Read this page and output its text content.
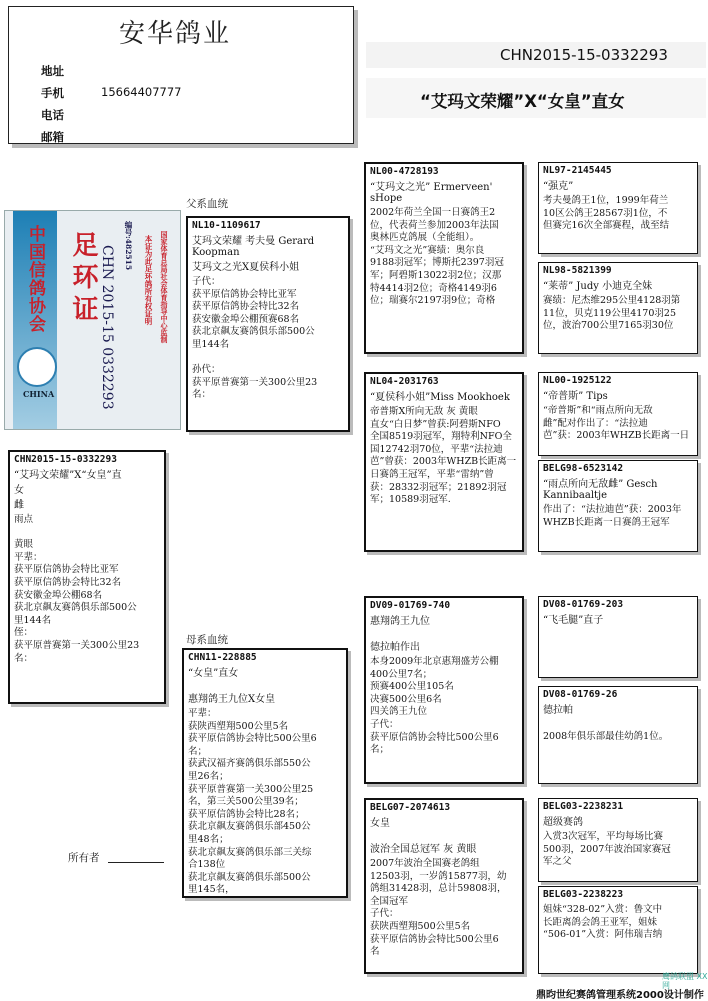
安华鸽业
地址
手机	15664407777
电话
邮箱
CHN2015-15-0332293
“艾玛文荣耀”X“女皇”直女
父系血统
母系血统
中国信鸽协会
CHINA
足环证 CHN 2015-15 0332293 编号:482515 本证为此足环鸽所有权证明 国家体育总局社会体育指导中心监制
CHN2015-15-0332293
“艾玛文荣耀”X“女皇”直
女
雌
雨点

黄眼
平辈：
获平原信鸽协会特比亚军
获平原信鸽协会特比32名
获安徽金埠公棚68名
获北京飙友赛鸽俱乐部500公
里144名
侄：
获平原普赛第一关300公里23
名：
NL10-1109617
艾玛文荣耀 考夫曼 Gerard
Koopman
艾玛文之光X夏侯科小姐
子代：
获平原信鸽协会特比亚军
获平原信鸽协会特比32名
获安徽金埠公棚预赛68名
获北京飙友赛鸽俱乐部500公
里144名

孙代：
获平原普赛第一关300公里23
名：
CHN11-228885
“女皇”直女

惠翔鸽王九位X女皇
平辈：
获陕西塑翔500公里5名
获平原信鸽协会特比500公里6
名；
获武汉福齐赛鸽俱乐部550公
里26名；
获平原普赛第一关300公里25
名，第三关500公里39名；
获平原信鸽协会特比28名；
获北京飙友赛鸽俱乐部450公
里48名；
获北京飙友赛鸽俱乐部三关综
合138位
获北京飙友赛鸽俱乐部500公
里145名，
NL00-4728193
“艾玛文之光” Ermerveen'
sHope
2002年荷兰全国一日赛鸽王2
位，代表荷兰参加2003年法国
奥林匹克鸽展（全能组）。
“艾玛文之光”赛绩：奥尔良
9188羽冠军；博斯托2397羽冠
军；阿碧斯13022羽2位；汉那
特4414羽2位；奇格4149羽6
位；瑞赛尔2197羽9位；奇格
NL04-2031763
“夏侯科小姐”Miss Mookhoek
帝普斯X所向无敌 灰 黄眼
直女“白日梦”曾获:阿碧斯NFO
全国8519羽冠军，翔特利NFO全
国12742羽70位，平辈“法拉迪
芭”曾获：2003年WHZB长距离一
日赛鸽王冠军，平辈“雷纳”曾
获：28332羽冠军；21892羽冠
军；10589羽冠军.
DV09-01769-740
惠翔鸽王九位

德拉帕作出
本身2009年北京惠翔盛芳公棚
400公里7名；
预赛400公里105名
决赛500公里6名
四关鸽王九位
子代：
获平原信鸽协会特比500公里6
名；
BELG07-2074613
女皇

波治全国总冠军 灰 黄眼
2007年波治全国赛老鸽组
12503羽，一岁鸽15877羽，幼
鸽组31428羽，总计59808羽，
全国冠军
子代：
获陕西塑翔500公里5名
获平原信鸽协会特比500公里6
名
NL97-2145445
“强克”
考夫曼鸽王1位，1999年荷兰
10区公鸽王28567羽1位，不
但赛完16次全部赛程，战至结
NL98-5821399
“莱蒂” Judy 小迪克全妹
赛绩：尼杰维295公里4128羽第
11位，贝克119公里4170羽25
位，波治700公里7165羽30位

NL00-1925122
“帝普斯” Tips
“帝普斯”和“雨点所向无敌
雌”配对作出了：“法拉迪
芭”获：2003年WHZB长距离一日

BELG98-6523142
“雨点所向无敌雌” Gesch
Kannibaaltje
作出了：“法拉迪芭”获：2003年
WHZB长距离一日赛鸽王冠军
DV08-01769-203
“飞毛腿”直子
DV08-01769-26
德拉帕
2008年俱乐部最佳幼鸽1位。
BELG03-2238231
超级赛鸽
入赏3次冠军，平均每场比赛
500羽，2007年波治国家赛冠
军之父
BELG03-2238223
姐妹“328-02”入赏：鲁文中
长距离鸽会鸽王亚军，姐妹
“506-01”入赏：阿伟瑞吉纳

所有者
鼎昀世纪赛鸽管理系统2000设计制作
鹰鸽联盟 XX网
